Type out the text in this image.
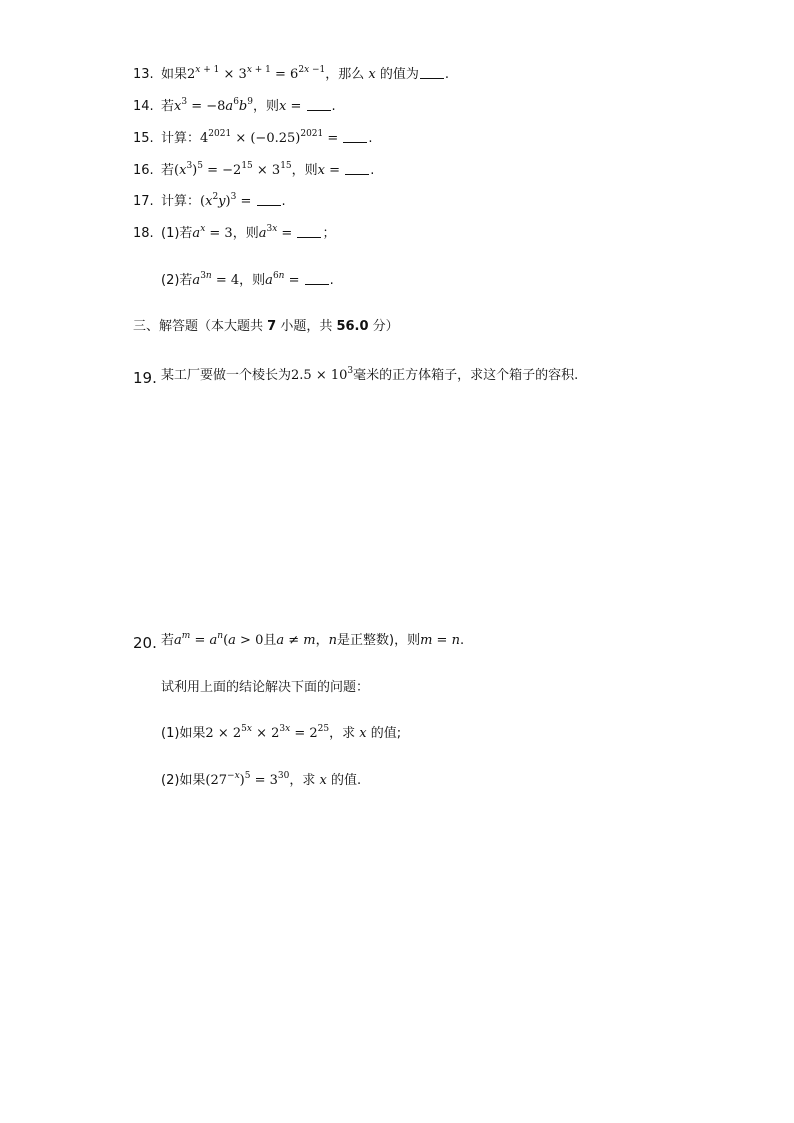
13. 如果$2^{x + 1} \times 3^{x + 1} = 6^{2x -1}$，那么 x 的值为 .
14. 若$x^3 = -8a^6b^9$，则x = .
15. 计算：$4^{2021} \times (-0.25)^{2021}$ = .
16. 若$(x^3)^5 = -2^{15} \times 3^{15}$，则x = .
17. 计算：$(x^2y)^3$ = .
18. (1)若$a^x = 3$，则$a^{3x}$ = ；
(2)若$a^{3n} = 4$，则$a^{6n}$ = .
三、解答题（本大题共 7 小题，共 56.0 分）
19. 某工厂要做一个棱长为$2.5 \times 10^3$毫米的正方体箱子，求这个箱子的容积.
20. 若$a^m = a^n(a > 0$且a ≠ m，n是正整数)，则m = n.
试利用上面的结论解决下面的问题：
(1)如果$2 \times 2^{5x} \times 2^{3x} = 2^{25}$，求 x 的值;
(2)如果$(27^{-x})^5 = 3^{30}$，求 x 的值.
